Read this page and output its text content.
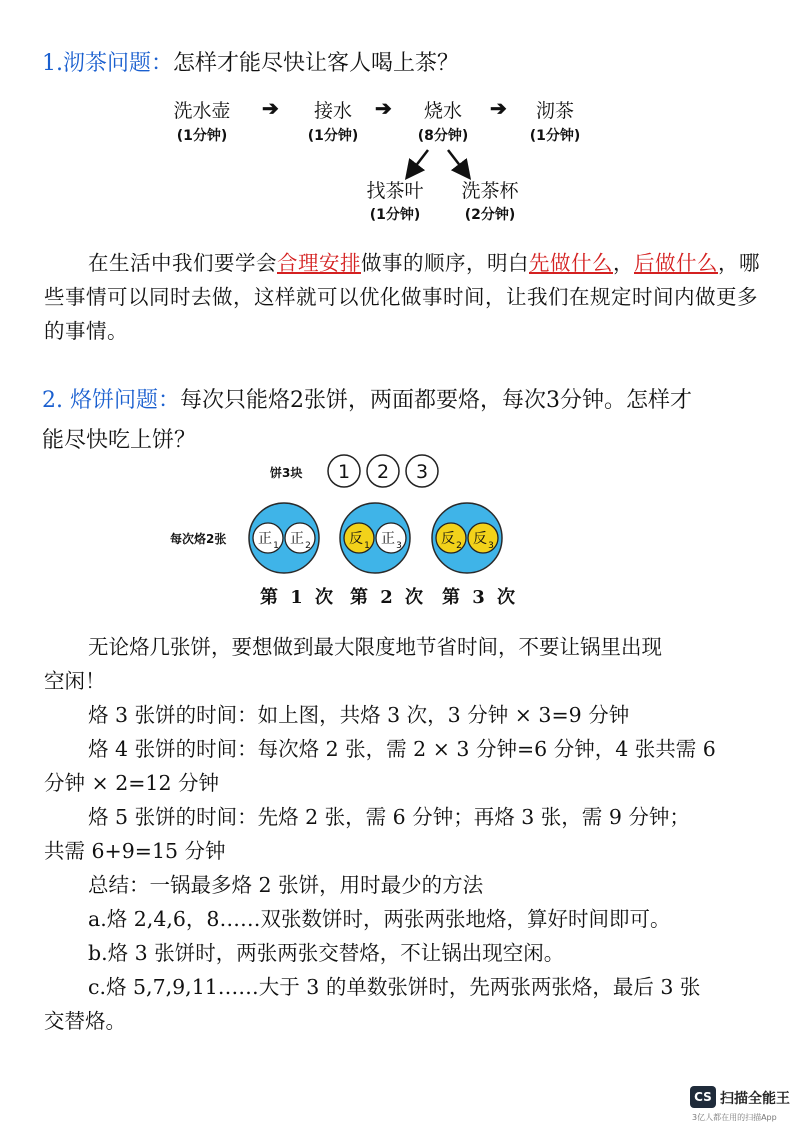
1.沏茶问题：怎样才能尽快让客人喝上茶？
洗水壶
(1分钟)
➔	接水
(1分钟)
➔	烧水
(8分钟)
➔	沏茶
(1分钟)
找茶叶
(1分钟)
洗茶杯
(2分钟)
在生活中我们要学会合理安排做事的顺序，明白先做什么，后做什么，哪些事情可以同时去做，这样就可以优化做事时间，让我们在规定时间内做更多的事情。
2. 烙饼问题：每次只能烙2张饼，两面都要烙，每次3分钟。怎样才
能尽快吃上饼？
饼3块
每次烙2张
1 2 3
正 1 正 2	反 1 正 3	反 2 反 3
第 1 次 第 2 次 第 3 次
无论烙几张饼，要想做到最大限度地节省时间，不要让锅里出现
空闲！
烙 3 张饼的时间：如上图，共烙 3 次，3 分钟 × 3=9 分钟
烙 4 张饼的时间：每次烙 2 张，需 2 × 3 分钟=6 分钟，4 张共需 6
分钟 × 2=12 分钟
烙 5 张饼的时间：先烙 2 张，需 6 分钟；再烙 3 张，需 9 分钟；
共需 6+9=15 分钟
总结：一锅最多烙 2 张饼，用时最少的方法
a.烙 2,4,6，8……双张数饼时，两张两张地烙，算好时间即可。
b.烙 3 张饼时，两张两张交替烙，不让锅出现空闲。
c.烙 5,7,9,11……大于 3 的单数张饼时，先两张两张烙，最后 3 张
交替烙。
CS 扫描全能王
3亿人都在用的扫描App
